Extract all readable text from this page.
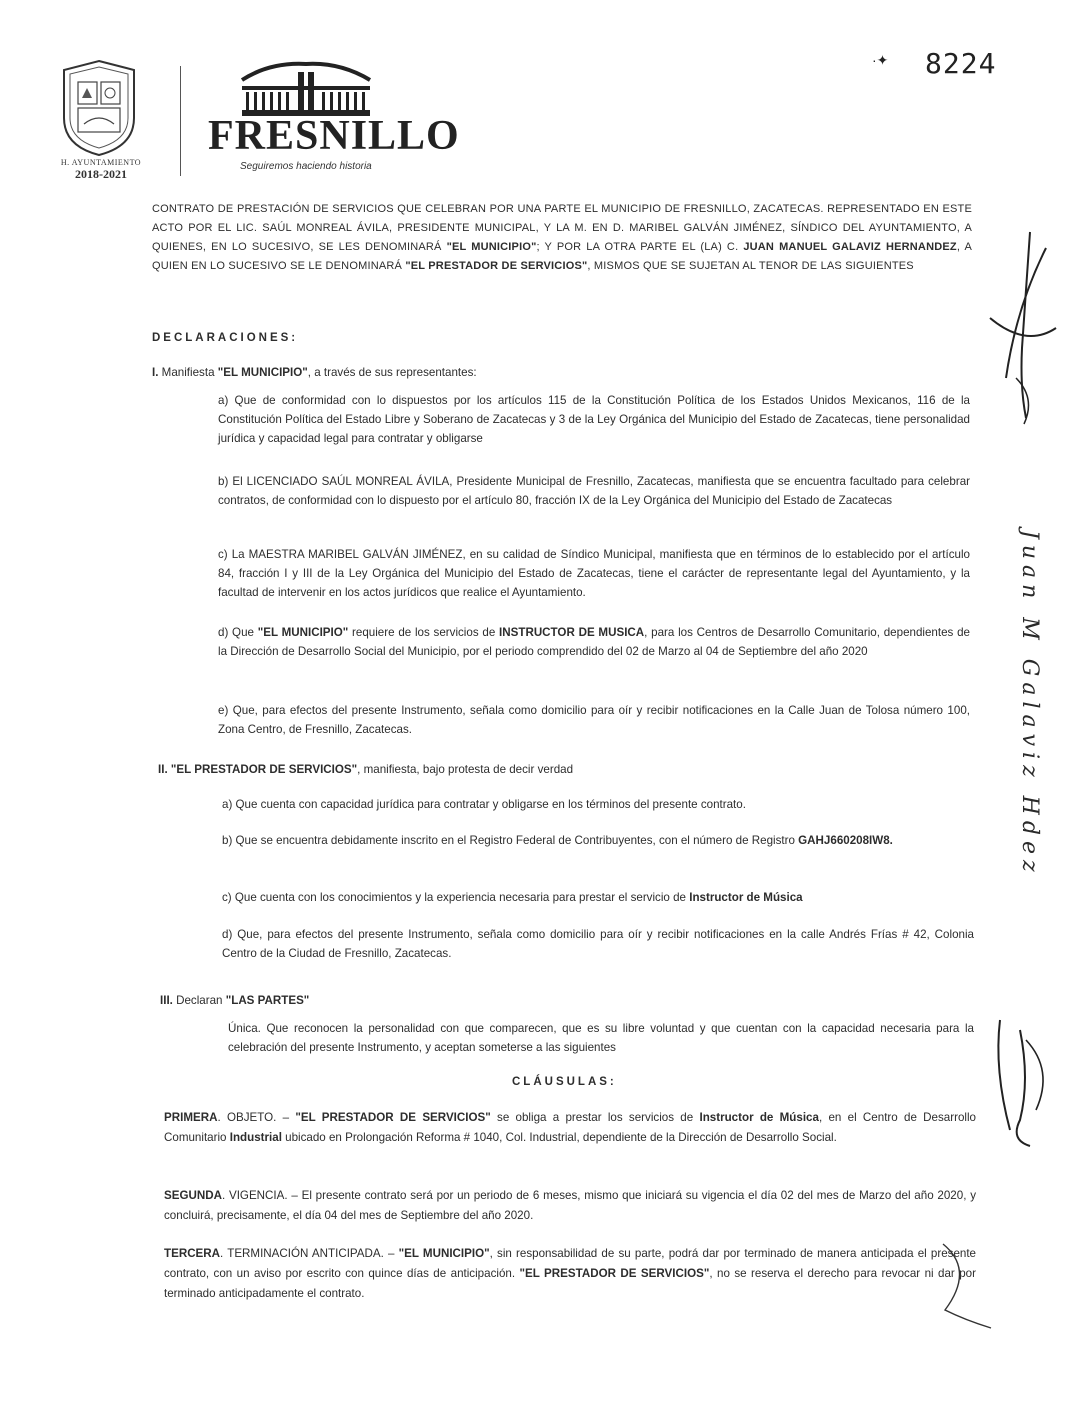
H. AYUNTAMIENTO
2018-2021
FRESNILLO
Seguiremos haciendo historia
·✦ 8224
CONTRATO DE PRESTACIÓN DE SERVICIOS QUE CELEBRAN POR UNA PARTE EL MUNICIPIO DE FRESNILLO, ZACATECAS. REPRESENTADO EN ESTE ACTO POR EL LIC. SAÚL MONREAL ÁVILA, PRESIDENTE MUNICIPAL, Y LA M. EN D. MARIBEL GALVÁN JIMÉNEZ, SÍNDICO DEL AYUNTAMIENTO, A QUIENES, EN LO SUCESIVO, SE LES DENOMINARÁ "EL MUNICIPIO"; Y POR LA OTRA PARTE EL (LA) C. JUAN MANUEL GALAVIZ HERNANDEZ, A QUIEN EN LO SUCESIVO SE LE DENOMINARÁ "EL PRESTADOR DE SERVICIOS", MISMOS QUE SE SUJETAN AL TENOR DE LAS SIGUIENTES
DECLARACIONES:
I. Manifiesta "EL MUNICIPIO", a través de sus representantes:
a) Que de conformidad con lo dispuestos por los artículos 115 de la Constitución Política de los Estados Unidos Mexicanos, 116 de la Constitución Política del Estado Libre y Soberano de Zacatecas y 3 de la Ley Orgánica del Municipio del Estado de Zacatecas, tiene personalidad jurídica y capacidad legal para contratar y obligarse
b) El LICENCIADO SAÚL MONREAL ÁVILA, Presidente Municipal de Fresnillo, Zacatecas, manifiesta que se encuentra facultado para celebrar contratos, de conformidad con lo dispuesto por el artículo 80, fracción IX de la Ley Orgánica del Municipio del Estado de Zacatecas
c) La MAESTRA MARIBEL GALVÁN JIMÉNEZ, en su calidad de Síndico Municipal, manifiesta que en términos de lo establecido por el artículo 84, fracción I y III de la Ley Orgánica del Municipio del Estado de Zacatecas, tiene el carácter de representante legal del Ayuntamiento, y la facultad de intervenir en los actos jurídicos que realice el Ayuntamiento.
d) Que "EL MUNICIPIO" requiere de los servicios de INSTRUCTOR DE MUSICA, para los Centros de Desarrollo Comunitario, dependientes de la Dirección de Desarrollo Social del Municipio, por el periodo comprendido del 02 de Marzo al 04 de Septiembre del año 2020
e) Que, para efectos del presente Instrumento, señala como domicilio para oír y recibir notificaciones en la Calle Juan de Tolosa número 100, Zona Centro, de Fresnillo, Zacatecas.
II. "EL PRESTADOR DE SERVICIOS", manifiesta, bajo protesta de decir verdad
a) Que cuenta con capacidad jurídica para contratar y obligarse en los términos del presente contrato.
b) Que se encuentra debidamente inscrito en el Registro Federal de Contribuyentes, con el número de Registro GAHJ660208IW8.
c) Que cuenta con los conocimientos y la experiencia necesaria para prestar el servicio de Instructor de Música
d) Que, para efectos del presente Instrumento, señala como domicilio para oír y recibir notificaciones en la calle Andrés Frías # 42, Colonia Centro de la Ciudad de Fresnillo, Zacatecas.
III. Declaran "LAS PARTES"
Única. Que reconocen la personalidad con que comparecen, que es su libre voluntad y que cuentan con la capacidad necesaria para la celebración del presente Instrumento, y aceptan someterse a las siguientes
CLÁUSULAS:
PRIMERA. OBJETO. – "EL PRESTADOR DE SERVICIOS" se obliga a prestar los servicios de Instructor de Música, en el Centro de Desarrollo Comunitario Industrial ubicado en Prolongación Reforma # 1040, Col. Industrial, dependiente de la Dirección de Desarrollo Social.
SEGUNDA. VIGENCIA. – El presente contrato será por un periodo de 6 meses, mismo que iniciará su vigencia el día 02 del mes de Marzo del año 2020, y concluirá, precisamente, el día 04 del mes de Septiembre del año 2020.
TERCERA. TERMINACIÓN ANTICIPADA. – "EL MUNICIPIO", sin responsabilidad de su parte, podrá dar por terminado de manera anticipada el presente contrato, con un aviso por escrito con quince días de anticipación. "EL PRESTADOR DE SERVICIOS", no se reserva el derecho para revocar ni dar por terminado anticipadamente el contrato.
Juan M Galaviz Hdez
